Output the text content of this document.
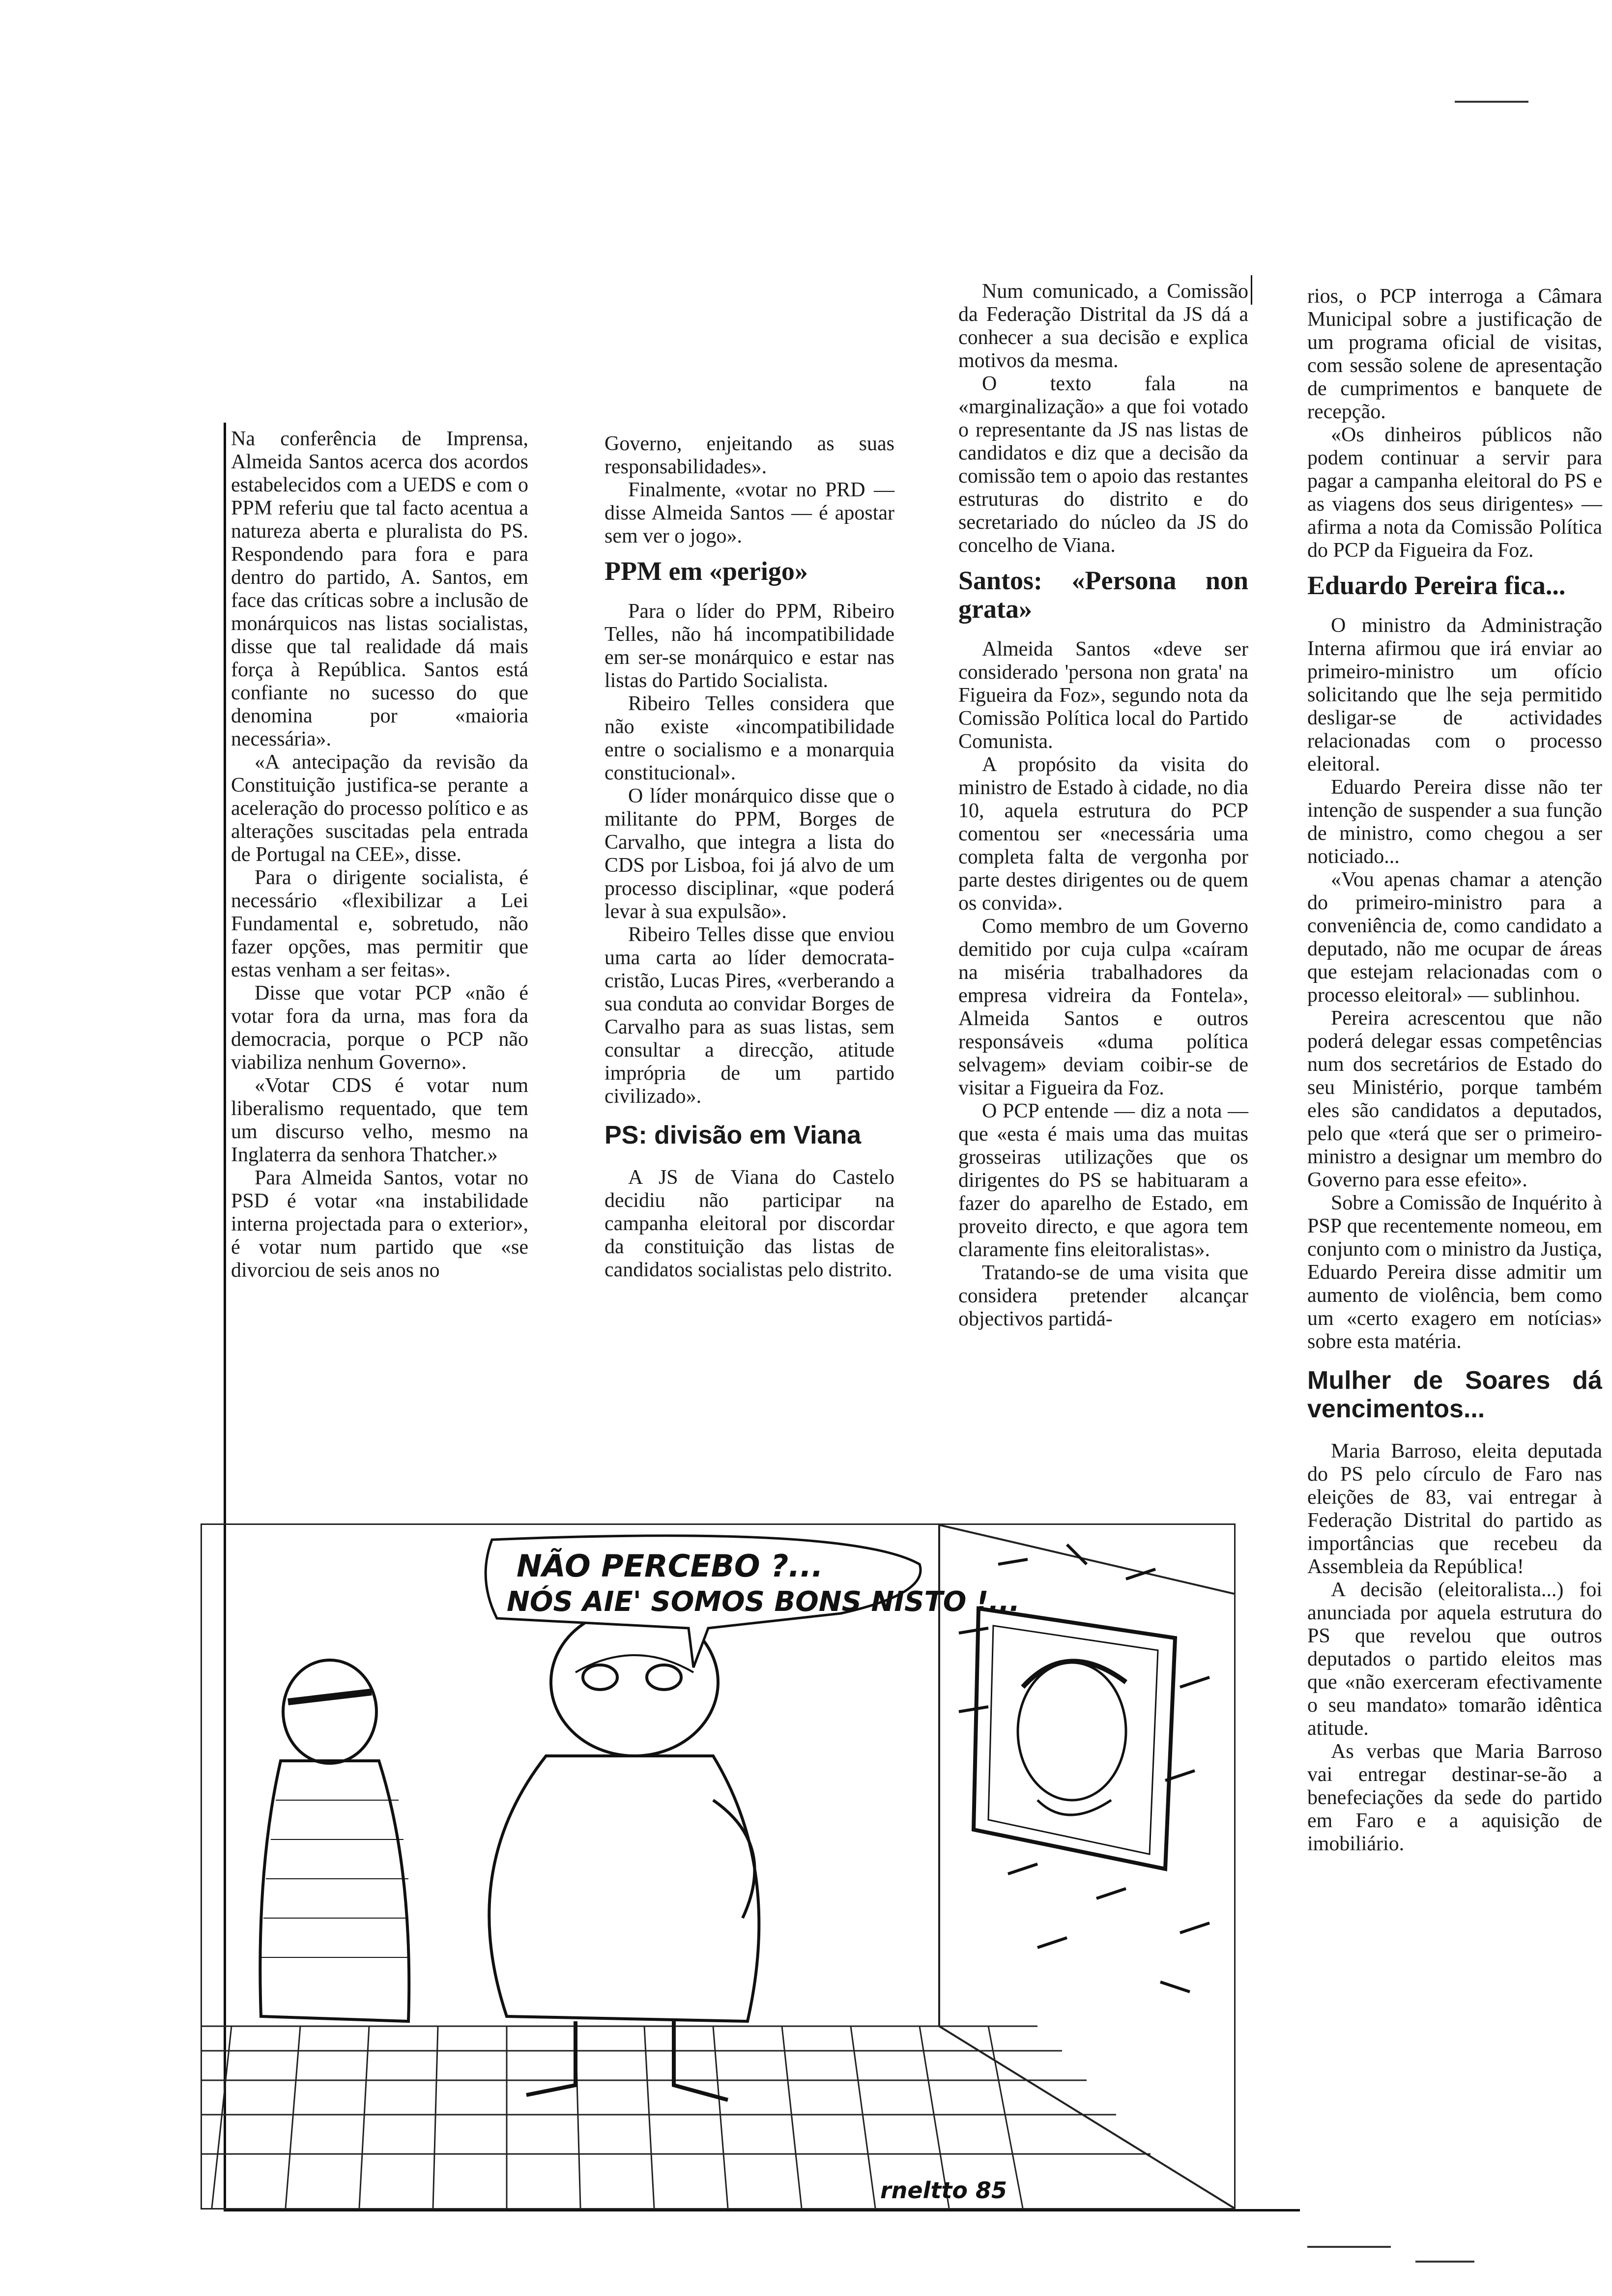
Na conferência de Imprensa, Almeida Santos acerca dos acordos estabelecidos com a UEDS e com o PPM referiu que tal facto acentua a natureza aberta e pluralista do PS. Respondendo para fora e para dentro do partido, A. Santos, em face das críticas sobre a inclusão de monárquicos nas listas socialistas, disse que tal realidade dá mais força à República. Santos está confiante no sucesso do que denomina por «maioria necessária».

«A antecipação da revisão da Constituição justifica-se perante a aceleração do processo político e as alterações suscitadas pela entrada de Portugal na CEE», disse.

Para o dirigente socialista, é necessário «flexibilizar a Lei Fundamental e, sobretudo, não fazer opções, mas permitir que estas venham a ser feitas».

Disse que votar PCP «não é votar fora da urna, mas fora da democracia, porque o PCP não viabiliza nenhum Governo».

«Votar CDS é votar num liberalismo requentado, que tem um discurso velho, mesmo na Inglaterra da senhora Thatcher.»

Para Almeida Santos, votar no PSD é votar «na instabilidade interna projectada para o exterior», é votar num partido que «se divorciou de seis anos no

Governo, enjeitando as suas responsabilidades».

Finalmente, «votar no PRD — disse Almeida Santos — é apostar sem ver o jogo».

PPM em «perigo»

Para o líder do PPM, Ribeiro Telles, não há incompatibilidade em ser-se monárquico e estar nas listas do Partido Socialista.

Ribeiro Telles considera que não existe «incompatibilidade entre o socialismo e a monarquia constitucional».

O líder monárquico disse que o militante do PPM, Borges de Carvalho, que integra a lista do CDS por Lisboa, foi já alvo de um processo disciplinar, «que poderá levar à sua expulsão».

Ribeiro Telles disse que enviou uma carta ao líder democrata-cristão, Lucas Pires, «verberando a sua conduta ao convidar Borges de Carvalho para as suas listas, sem consultar a direcção, atitude imprópria de um partido civilizado».

PS: divisão em Viana

A JS de Viana do Castelo decidiu não participar na campanha eleitoral por discordar da constituição das listas de candidatos socialistas pelo distrito.

Num comunicado, a Comissão da Federação Distrital da JS dá a conhecer a sua decisão e explica motivos da mesma.

O texto fala na «marginalização» a que foi votado o representante da JS nas listas de candidatos e diz que a decisão da comissão tem o apoio das restantes estruturas do distrito e do secretariado do núcleo da JS do concelho de Viana.

Santos: «Persona non grata»

Almeida Santos «deve ser considerado 'persona non grata' na Figueira da Foz», segundo nota da Comissão Política local do Partido Comunista.

A propósito da visita do ministro de Estado à cidade, no dia 10, aquela estrutura do PCP comentou ser «necessária uma completa falta de vergonha por parte destes dirigentes ou de quem os convida».

Como membro de um Governo demitido por cuja culpa «caíram na miséria trabalhadores da empresa vidreira da Fontela», Almeida Santos e outros responsáveis «duma política selvagem» deviam coibir-se de visitar a Figueira da Foz.

O PCP entende — diz a nota — que «esta é mais uma das muitas grosseiras utilizações que os dirigentes do PS se habituaram a fazer do aparelho de Estado, em proveito directo, e que agora tem claramente fins eleitoralistas».

Tratando-se de uma visita que considera pretender alcançar objectivos partidá-

rios, o PCP interroga a Câmara Municipal sobre a justificação de um programa oficial de visitas, com sessão solene de apresentação de cumprimentos e banquete de recepção.

«Os dinheiros públicos não podem continuar a servir para pagar a campanha eleitoral do PS e as viagens dos seus dirigentes» — afirma a nota da Comissão Política do PCP da Figueira da Foz.

Eduardo Pereira fica...

O ministro da Administração Interna afirmou que irá enviar ao primeiro-ministro um ofício solicitando que lhe seja permitido desligar-se de actividades relacionadas com o processo eleitoral.

Eduardo Pereira disse não ter intenção de suspender a sua função de ministro, como chegou a ser noticiado...

«Vou apenas chamar a atenção do primeiro-ministro para a conveniência de, como candidato a deputado, não me ocupar de áreas que estejam relacionadas com o processo eleitoral» — sublinhou.

Pereira acrescentou que não poderá delegar essas competências num dos secretários de Estado do seu Ministério, porque também eles são candidatos a deputados, pelo que «terá que ser o primeiro-ministro a designar um membro do Governo para esse efeito».

Sobre a Comissão de Inquérito à PSP que recentemente nomeou, em conjunto com o ministro da Justiça, Eduardo Pereira disse admitir um aumento de violência, bem como um «certo exagero em notícias» sobre esta matéria.

Mulher de Soares dá vencimentos...

Maria Barroso, eleita deputada do PS pelo círculo de Faro nas eleições de 83, vai entregar à Federação Distrital do partido as importâncias que recebeu da Assembleia da República!

A decisão (eleitoralista...) foi anunciada por aquela estrutura do PS que revelou que outros deputados o partido eleitos mas que «não exerceram efectivamente o seu mandato» tomarão idêntica atitude.

As verbas que Maria Barroso vai entregar destinar-se-ão a benefeciações da sede do partido em Faro e a aquisição de imobiliário.

NÃO PERCEBO ?...
NÓS AIE' SOMOS BONS NISTO !...
rneltto 85
